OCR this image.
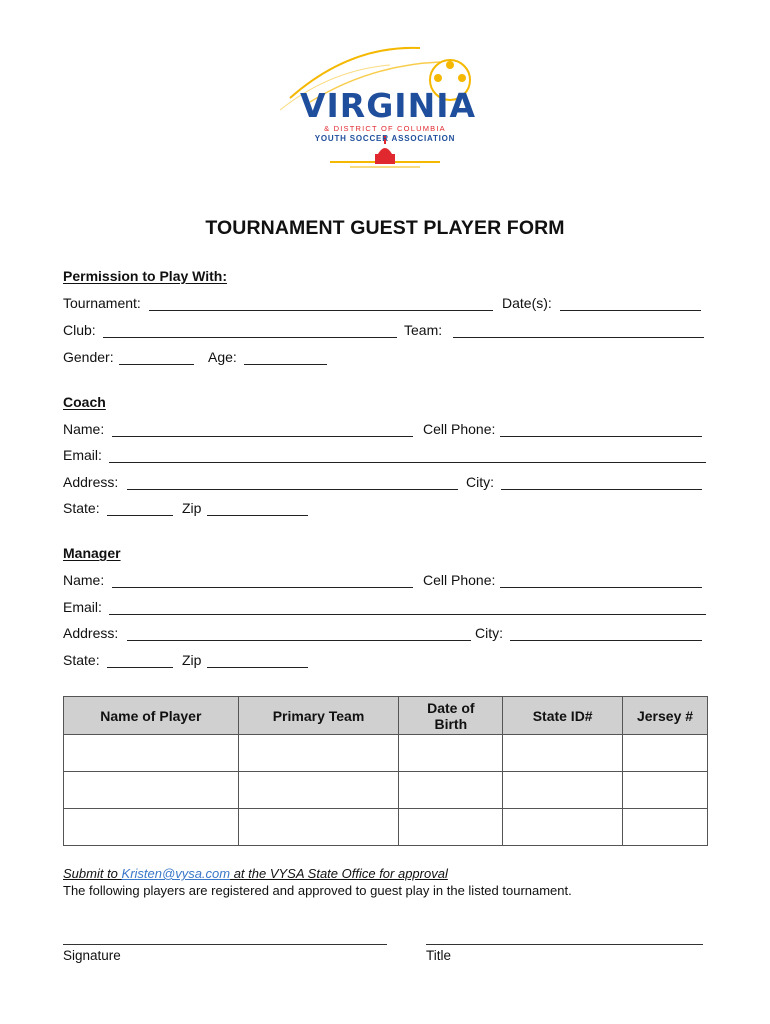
VIRGINIA
& DISTRICT OF COLUMBIA
YOUTH SOCCER ASSOCIATION
TOURNAMENT GUEST PLAYER FORM
Permission to Play With:
Tournament:	Date(s):
Club:	Team:
Gender:	Age:
Coach
Name:	Cell Phone:
Email:
Address:	City:
State:	Zip
Manager
Name:	Cell Phone:
Email:
Address:	City:
State:	Zip
Name of Player	Primary Team	Date of Birth	State ID#	Jersey #

Submit to Kristen@vysa.com at the VYSA State Office for approval
The following players are registered and approved to guest play in the listed tournament.
Signature	Title
